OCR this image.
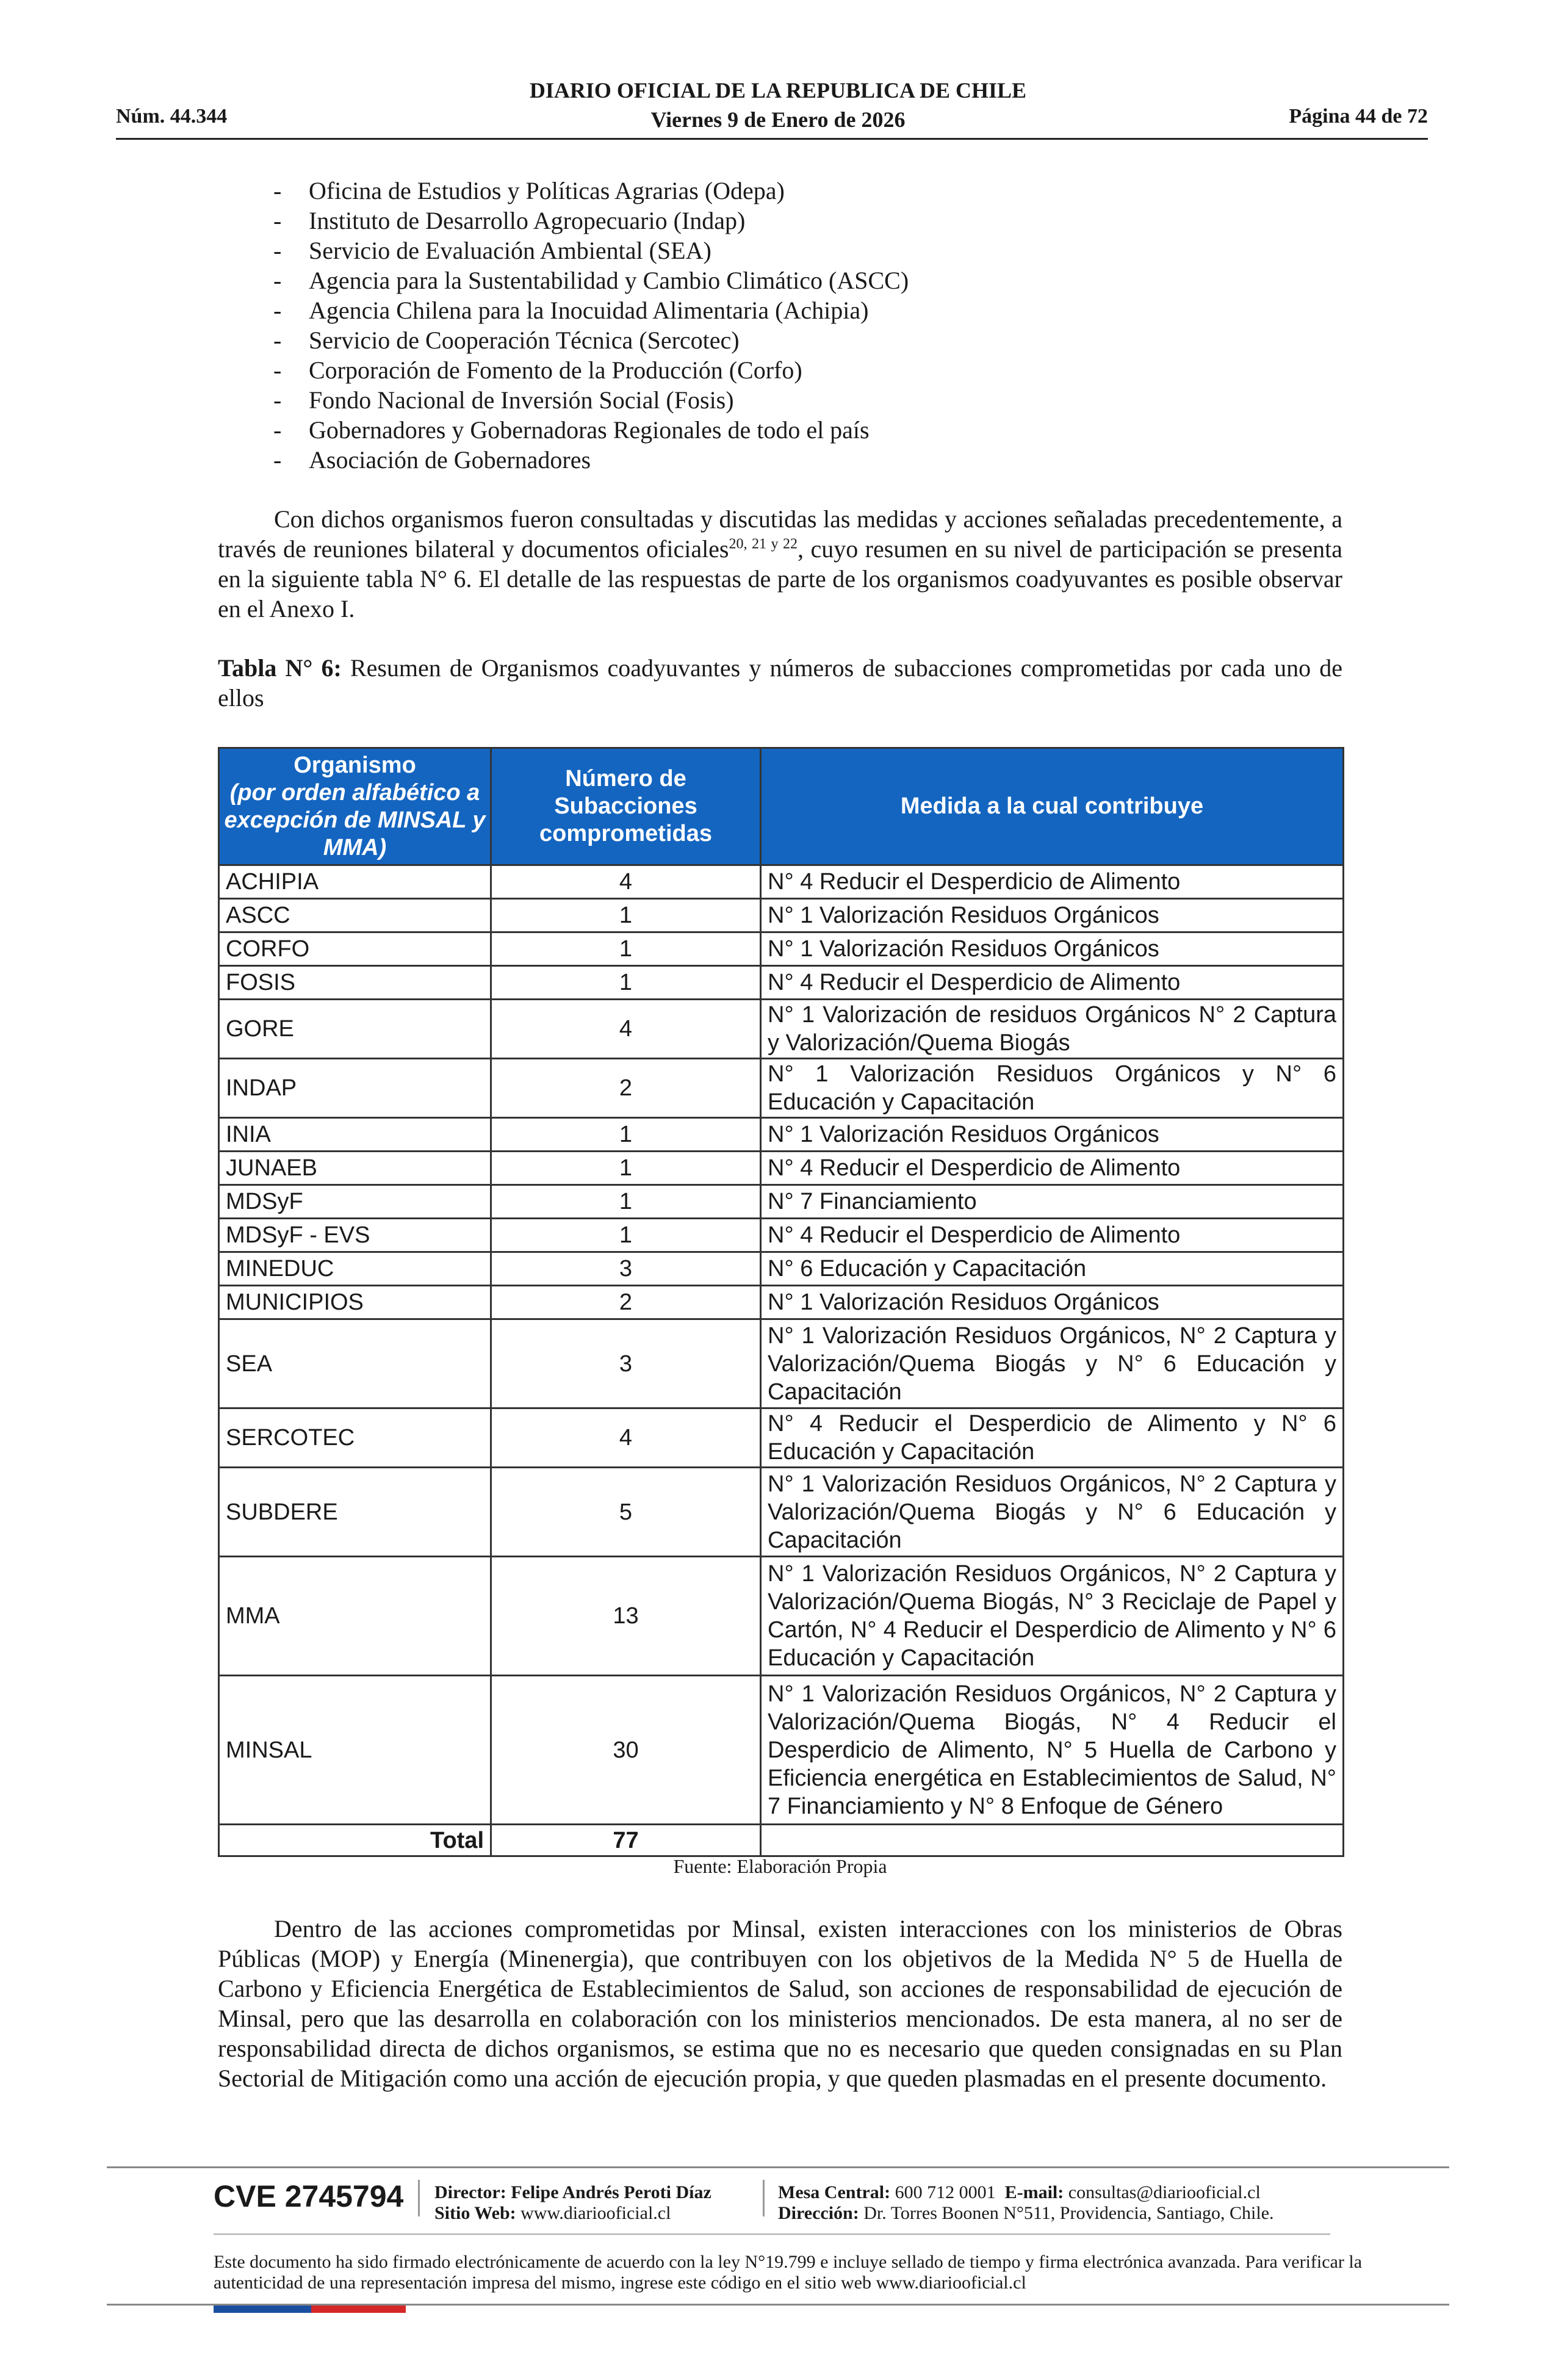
Núm. 44.344
DIARIO OFICIAL DE LA REPUBLICA DE CHILE
Viernes 9 de Enero de 2026	Página 44 de 72
- Oficina de Estudios y Políticas Agrarias (Odepa)
- Instituto de Desarrollo Agropecuario (Indap)
- Servicio de Evaluación Ambiental (SEA)
- Agencia para la Sustentabilidad y Cambio Climático (ASCC)
- Agencia Chilena para la Inocuidad Alimentaria (Achipia)
- Servicio de Cooperación Técnica (Sercotec)
- Corporación de Fomento de la Producción (Corfo)
- Fondo Nacional de Inversión Social (Fosis)
- Gobernadores y Gobernadoras Regionales de todo el país
- Asociación de Gobernadores

Con dichos organismos fueron consultadas y discutidas las medidas y acciones señaladas precedentemente, a través de reuniones bilateral y documentos oficiales$^{20, 21 y 22}$, cuyo resumen en su nivel de participación se presenta en la siguiente tabla N° 6. El detalle de las respuestas de parte de los organismos coadyuvantes es posible observar en el Anexo I.

Tabla N° 6: Resumen de Organismos coadyuvantes y números de subacciones comprometidas por cada uno de ellos

Organismo
(por orden alfabético a excepción de MINSAL y MMA)	Número de Subacciones comprometidas	Medida a la cual contribuye
ACHIPIA	4	N° 4 Reducir el Desperdicio de Alimento
ASCC	1	N° 1 Valorización Residuos Orgánicos
CORFO	1	N° 1 Valorización Residuos Orgánicos
FOSIS	1	N° 4 Reducir el Desperdicio de Alimento
GORE	4	N° 1 Valorización de residuos Orgánicos N° 2 Captura y Valorización/Quema Biogás
INDAP	2	N° 1 Valorización Residuos Orgánicos y N° 6 Educación y Capacitación
INIA	1	N° 1 Valorización Residuos Orgánicos
JUNAEB	1	N° 4 Reducir el Desperdicio de Alimento
MDSyF	1	N° 7 Financiamiento
MDSyF - EVS	1	N° 4 Reducir el Desperdicio de Alimento
MINEDUC	3	N° 6 Educación y Capacitación
MUNICIPIOS	2	N° 1 Valorización Residuos Orgánicos
SEA	3	N° 1 Valorización Residuos Orgánicos, N° 2 Captura y Valorización/Quema Biogás y N° 6 Educación y Capacitación
SERCOTEC	4	N° 4 Reducir el Desperdicio de Alimento y N° 6 Educación y Capacitación
SUBDERE	5	N° 1 Valorización Residuos Orgánicos, N° 2 Captura y Valorización/Quema Biogás y N° 6 Educación y Capacitación
MMA	13	N° 1 Valorización Residuos Orgánicos, N° 2 Captura y Valorización/Quema Biogás, N° 3 Reciclaje de Papel y Cartón, N° 4 Reducir el Desperdicio de Alimento y N° 6 Educación y Capacitación
MINSAL	30	N° 1 Valorización Residuos Orgánicos, N° 2 Captura y Valorización/Quema Biogás, N° 4 Reducir el Desperdicio de Alimento, N° 5 Huella de Carbono y Eficiencia energética en Establecimientos de Salud, N° 7 Financiamiento y N° 8 Enfoque de Género
Total	77	
Fuente: Elaboración Propia

Dentro de las acciones comprometidas por Minsal, existen interacciones con los ministerios de Obras Públicas (MOP) y Energía (Minenergia), que contribuyen con los objetivos de la Medida N° 5 de Huella de Carbono y Eficiencia Energética de Establecimientos de Salud, son acciones de responsabilidad de ejecución de Minsal, pero que las desarrolla en colaboración con los ministerios mencionados. De esta manera, al no ser de responsabilidad directa de dichos organismos, se estima que no es necesario que queden consignadas en su Plan Sectorial de Mitigación como una acción de ejecución propia, y que queden plasmadas en el presente documento.

CVE 2745794 Director: Felipe Andrés Peroti Díaz
Sitio Web: www.diariooficial.cl
Mesa Central: 600 712 0001 E-mail: consultas@diariooficial.cl
Dirección: Dr. Torres Boonen N°511, Providencia, Santiago, Chile.
Este documento ha sido firmado electrónicamente de acuerdo con la ley N°19.799 e incluye sellado de tiempo y firma electrónica avanzada. Para verificar la autenticidad de una representación impresa del mismo, ingrese este código en el sitio web www.diariooficial.cl
